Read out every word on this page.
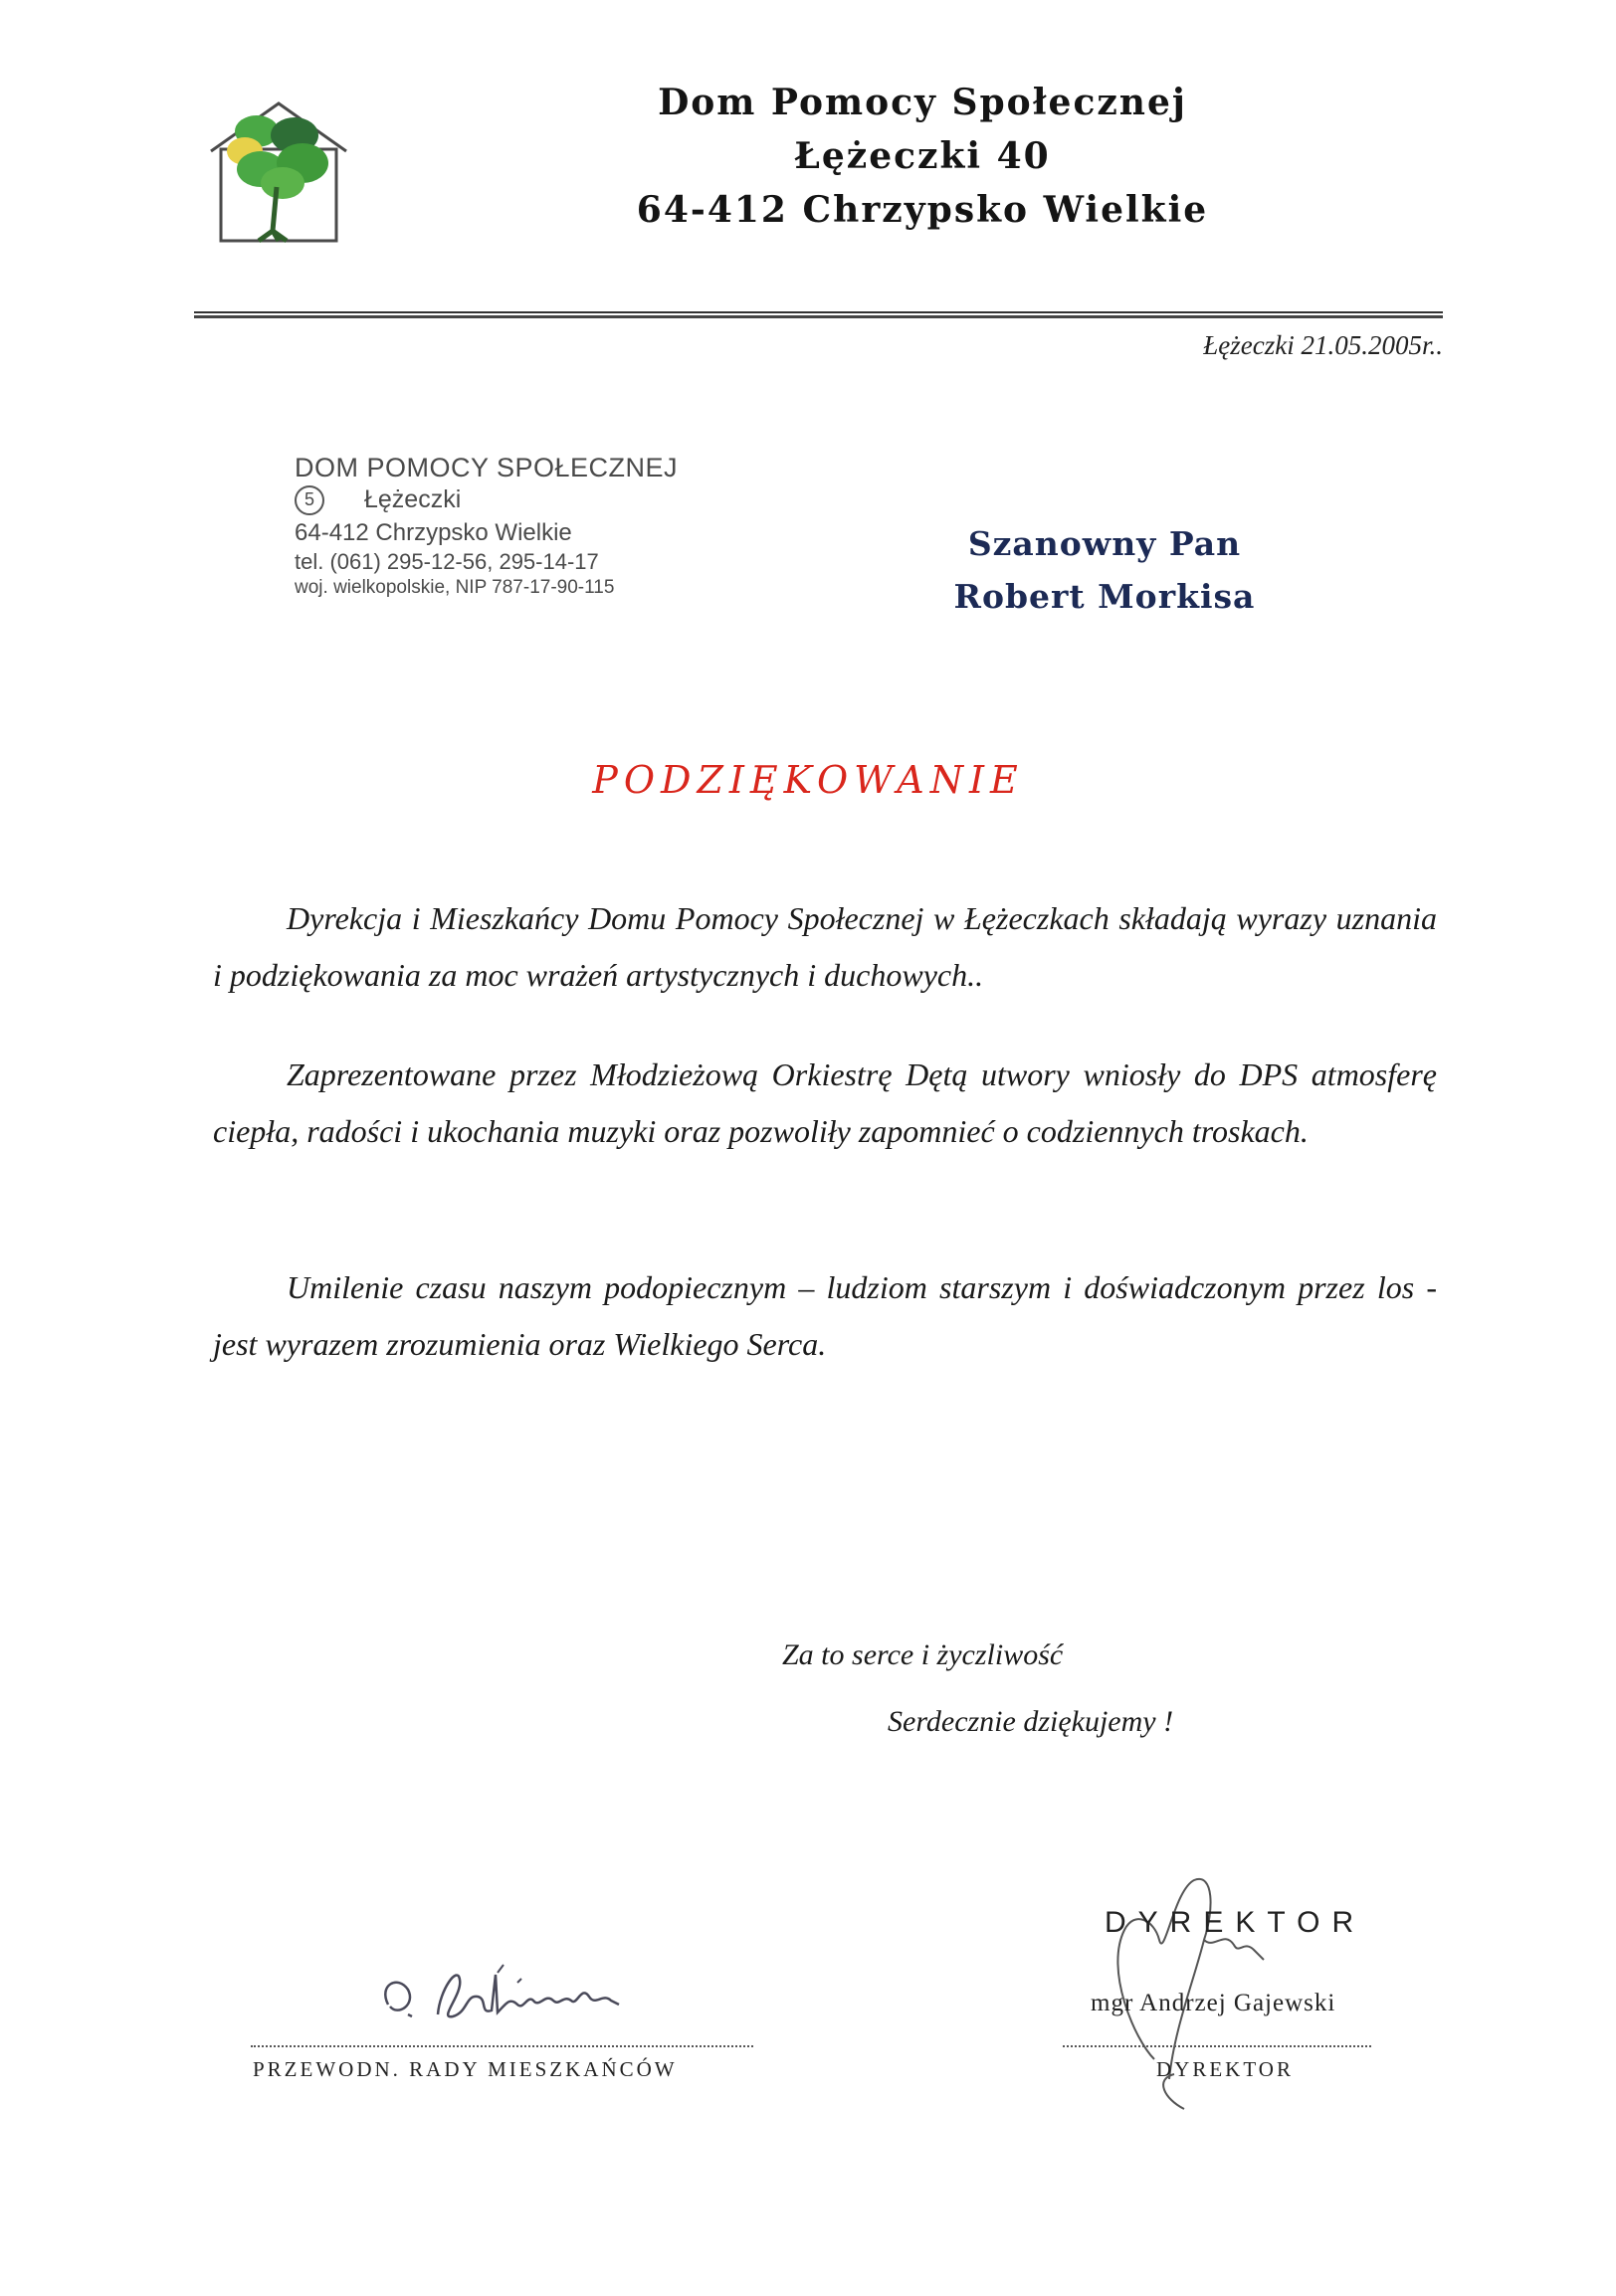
Dom Pomocy Społecznej
Łężeczki 40
64-412 Chrzypsko Wielkie
Łężeczki 21.05.2005r..
DOM POMOCY SPOŁECZNEJ
5 Łężeczki
64-412 Chrzypsko Wielkie
tel. (061) 295-12-56, 295-14-17
woj. wielkopolskie, NIP 787-17-90-115
Szanowny Pan
Robert Morkisa
PODZIĘKOWANIE
Dyrekcja i Mieszkańcy Domu Pomocy Społecznej w Łężeczkach składają wyrazy uznania i podziękowania za moc wrażeń artystycznych i duchowych..
Zaprezentowane przez Młodzieżową Orkiestrę Dętą utwory wniosły do DPS atmosferę ciepła, radości i ukochania muzyki oraz pozwoliły zapomnieć o codziennych troskach.
Umilenie czasu naszym podopiecznym – ludziom starszym i doświadczonym przez los - jest wyrazem zrozumienia oraz Wielkiego Serca.
Za to serce i życzliwość
Serdecznie dziękujemy !
DYREKTOR
mgr Andrzej Gajewski
PRZEWODN. RADY MIESZKAŃCÓW	DYREKTOR
